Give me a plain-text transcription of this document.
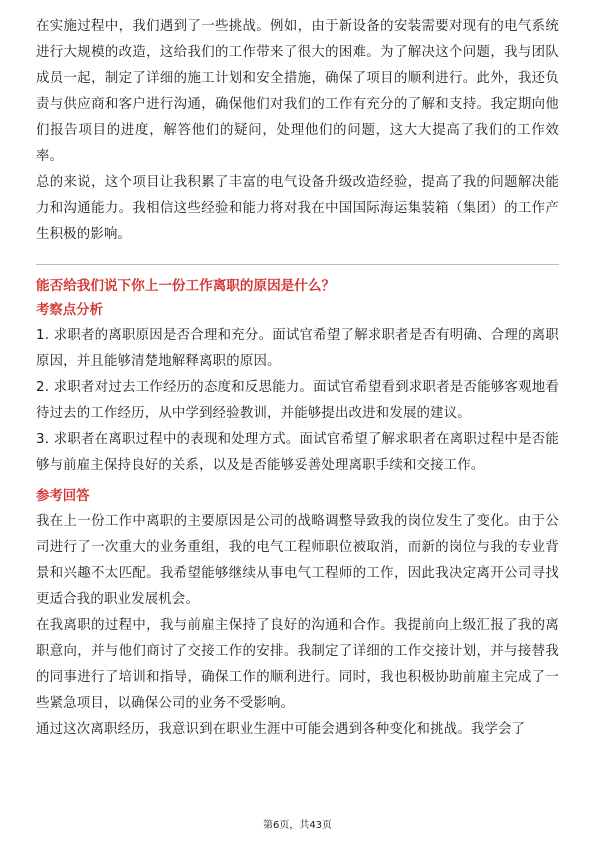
在实施过程中，我们遇到了一些挑战。例如，由于新设备的安装需要对现有的电气系统进行大规模的改造，这给我们的工作带来了很大的困难。为了解决这个问题，我与团队成员一起，制定了详细的施工计划和安全措施，确保了项目的顺利进行。此外，我还负责与供应商和客户进行沟通，确保他们对我们的工作有充分的了解和支持。我定期向他们报告项目的进度，解答他们的疑问，处理他们的问题，这大大提高了我们的工作效率。

总的来说，这个项目让我积累了丰富的电气设备升级改造经验，提高了我的问题解决能力和沟通能力。我相信这些经验和能力将对我在中国国际海运集装箱（集团）的工作产生积极的影响。

能否给我们说下你上一份工作离职的原因是什么？

考察点分析

1. 求职者的离职原因是否合理和充分。面试官希望了解求职者是否有明确、合理的离职原因，并且能够清楚地解释离职的原因。

2. 求职者对过去工作经历的态度和反思能力。面试官希望看到求职者是否能够客观地看待过去的工作经历，从中学到经验教训，并能够提出改进和发展的建议。

3. 求职者在离职过程中的表现和处理方式。面试官希望了解求职者在离职过程中是否能够与前雇主保持良好的关系，以及是否能够妥善处理离职手续和交接工作。

参考回答

我在上一份工作中离职的主要原因是公司的战略调整导致我的岗位发生了变化。由于公司进行了一次重大的业务重组，我的电气工程师职位被取消，而新的岗位与我的专业背景和兴趣不太匹配。我希望能够继续从事电气工程师的工作，因此我决定离开公司寻找更适合我的职业发展机会。

在我离职的过程中，我与前雇主保持了良好的沟通和合作。我提前向上级汇报了我的离职意向，并与他们商讨了交接工作的安排。我制定了详细的工作交接计划，并与接替我的同事进行了培训和指导，确保工作的顺利进行。同时，我也积极协助前雇主完成了一些紧急项目，以确保公司的业务不受影响。

通过这次离职经历，我意识到在职业生涯中可能会遇到各种变化和挑战。我学会了

第6页，共43页
